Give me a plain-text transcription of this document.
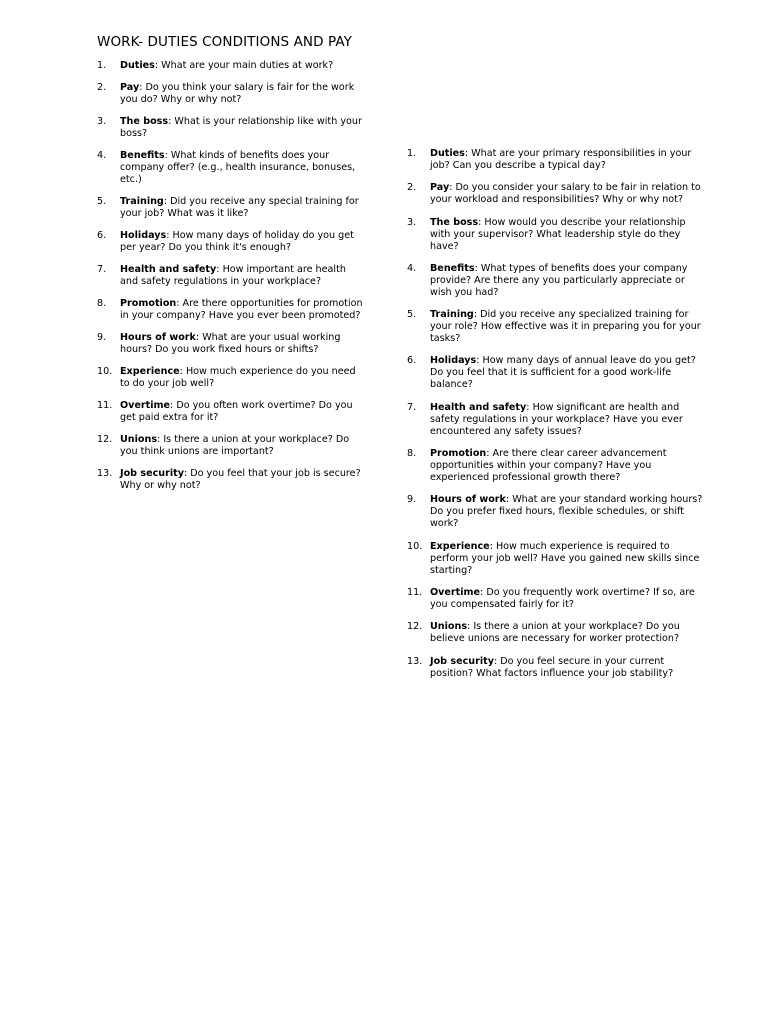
WORK- DUTIES CONDITIONS AND PAY
1.	Duties: What are your main duties at work?
2.	Pay: Do you think your salary is fair for the work you do? Why or why not?
3.	The boss: What is your relationship like with your boss?
4.	Benefits: What kinds of benefits does your company offer? (e.g., health insurance, bonuses, etc.)
5.	Training: Did you receive any special training for your job? What was it like?
6.	Holidays: How many days of holiday do you get per year? Do you think it's enough?
7.	Health and safety: How important are health and safety regulations in your workplace?
8.	Promotion: Are there opportunities for promotion in your company? Have you ever been promoted?
9.	Hours of work: What are your usual working hours? Do you work fixed hours or shifts?
10. Experience: How much experience do you need to do your job well?
11. Overtime: Do you often work overtime? Do you get paid extra for it?
12. Unions: Is there a union at your workplace? Do you think unions are important?
13. Job security: Do you feel that your job is secure? Why or why not?
1.	Duties: What are your primary responsibilities in your job? Can you describe a typical day?
2.	Pay: Do you consider your salary to be fair in relation to your workload and responsibilities? Why or why not?
3.	The boss: How would you describe your relationship with your supervisor? What leadership style do they have?
4.	Benefits: What types of benefits does your company provide? Are there any you particularly appreciate or wish you had?
5.	Training: Did you receive any specialized training for your role? How effective was it in preparing you for your tasks?
6.	Holidays: How many days of annual leave do you get? Do you feel that it is sufficient for a good work-life balance?
7.	Health and safety: How significant are health and safety regulations in your workplace? Have you ever encountered any safety issues?
8.	Promotion: Are there clear career advancement opportunities within your company? Have you experienced professional growth there?
9.	Hours of work: What are your standard working hours? Do you prefer fixed hours, flexible schedules, or shift work?
10. Experience: How much experience is required to perform your job well? Have you gained new skills since starting?
11. Overtime: Do you frequently work overtime? If so, are you compensated fairly for it?
12. Unions: Is there a union at your workplace? Do you believe unions are necessary for worker protection?
13. Job security: Do you feel secure in your current position? What factors influence your job stability?
